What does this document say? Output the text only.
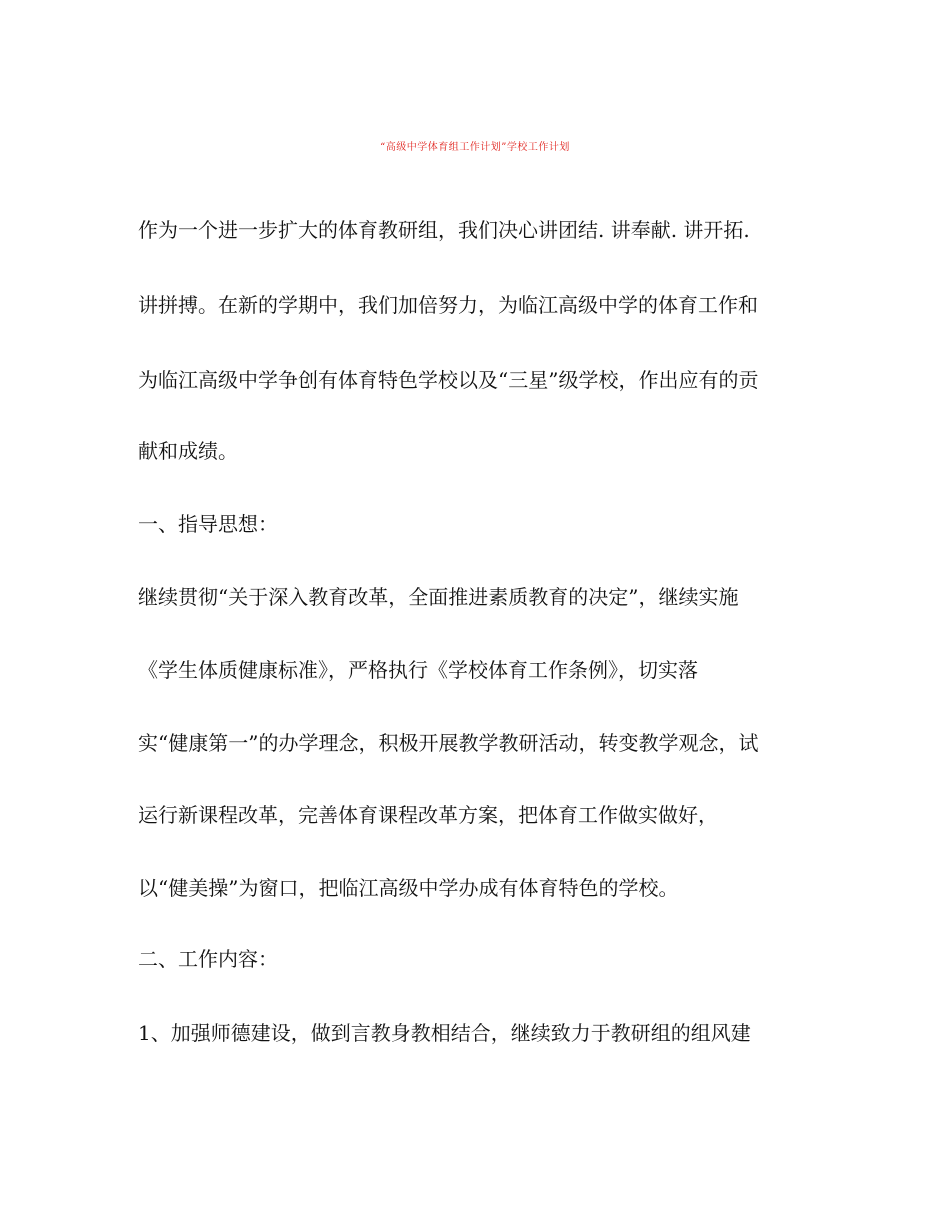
“高级中学体育组工作计划”学校工作计划
作为一个进一步扩大的体育教研组，我们决心讲团结. 讲奉献. 讲开拓.
讲拼搏。在新的学期中，我们加倍努力，为临江高级中学的体育工作和
为临江高级中学争创有体育特色学校以及“三星”级学校，作出应有的贡
献和成绩。
一、指导思想：
继续贯彻“关于深入教育改革，全面推进素质教育的决定”，继续实施
《学生体质健康标准》，严格执行《学校体育工作条例》，切实落
实“健康第一”的办学理念，积极开展教学教研活动，转变教学观念，试
运行新课程改革，完善体育课程改革方案，把体育工作做实做好，
以“健美操”为窗口，把临江高级中学办成有体育特色的学校。
二、工作内容：
1、加强师德建设，做到言教身教相结合，继续致力于教研组的组风建
